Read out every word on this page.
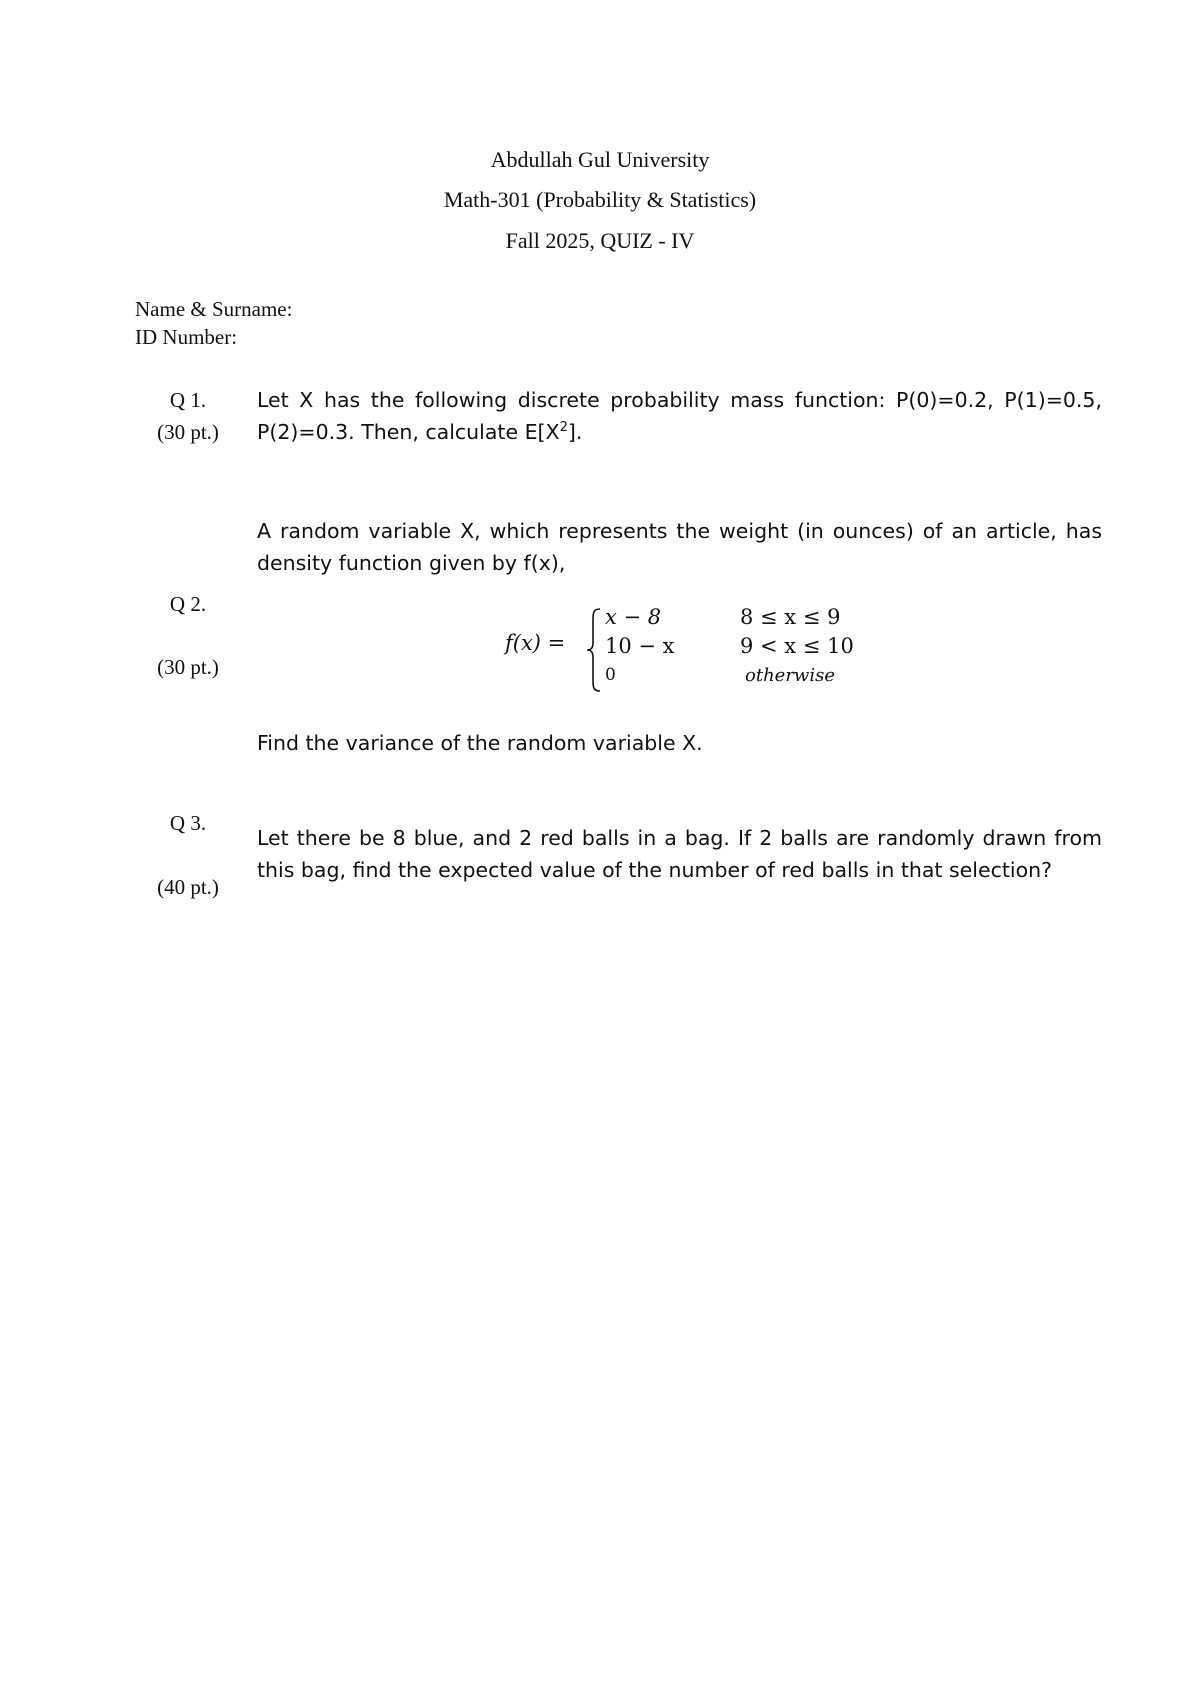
Abdullah Gul University
Math-301 (Probability & Statistics)
Fall 2025, QUIZ - IV
Name & Surname:
ID Number:
Q 1.
(30 pt.)

Let X has the following discrete probability mass function: P(0)=0.2, P(1)=0.5, P(2)=0.3. Then, calculate $E[X^2]$.

A random variable X, which represents the weight (in ounces) of an article, has density function given by f(x),

Q 2.
(30 pt.)
f(x) =
x − 8	8 ≤ x ≤ 9
10 − x	9 < x ≤ 10
0	otherwise

Find the variance of the random variable X.

Q 3.
(40 pt.)

Let there be 8 blue, and 2 red balls in a bag. If 2 balls are randomly drawn from this bag, find the expected value of the number of red balls in that selection?
